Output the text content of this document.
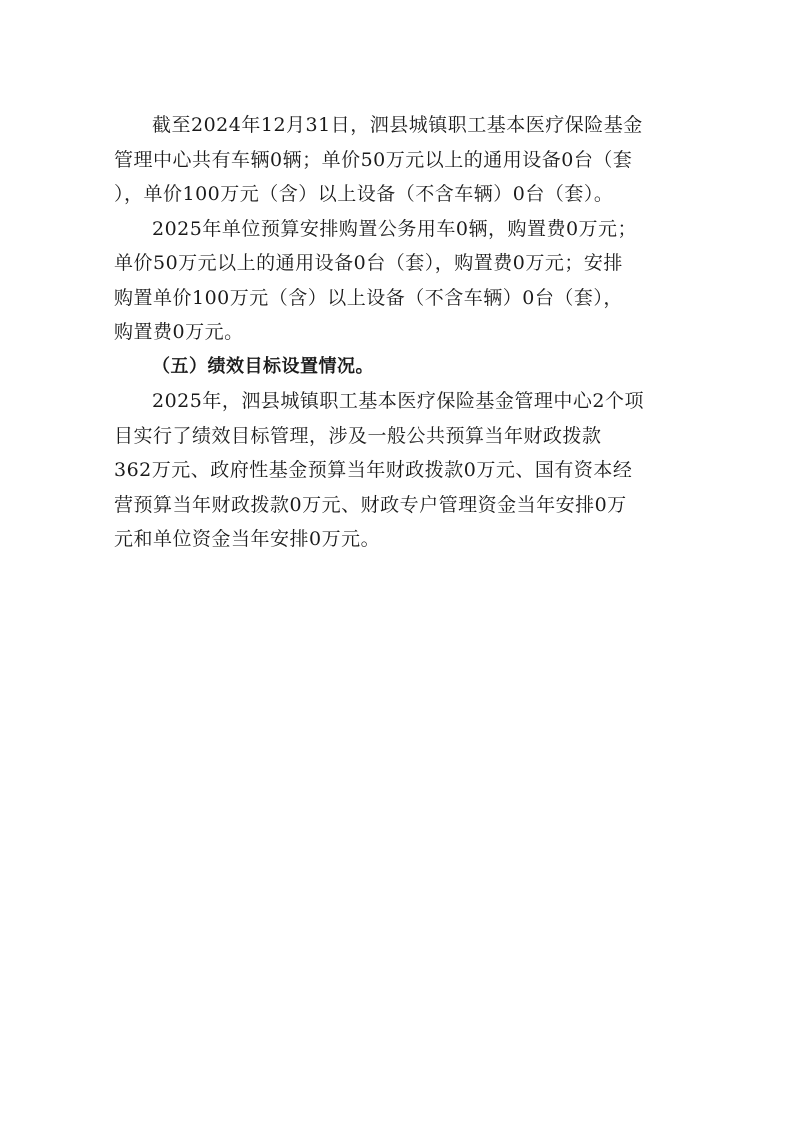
截至2024年12月31日，泗县城镇职工基本医疗保险基金
管理中心共有车辆0辆；单价50万元以上的通用设备0台（套
），单价100万元（含）以上设备（不含车辆）0台（套）。

2025年单位预算安排购置公务用车0辆，购置费0万元；
单价50万元以上的通用设备0台（套），购置费0万元；安排
购置单价100万元（含）以上设备（不含车辆）0台（套），
购置费0万元。

（五）绩效目标设置情况。

2025年，泗县城镇职工基本医疗保险基金管理中心2个项
目实行了绩效目标管理，涉及一般公共预算当年财政拨款
362万元、政府性基金预算当年财政拨款0万元、国有资本经
营预算当年财政拨款0万元、财政专户管理资金当年安排0万
元和单位资金当年安排0万元。
